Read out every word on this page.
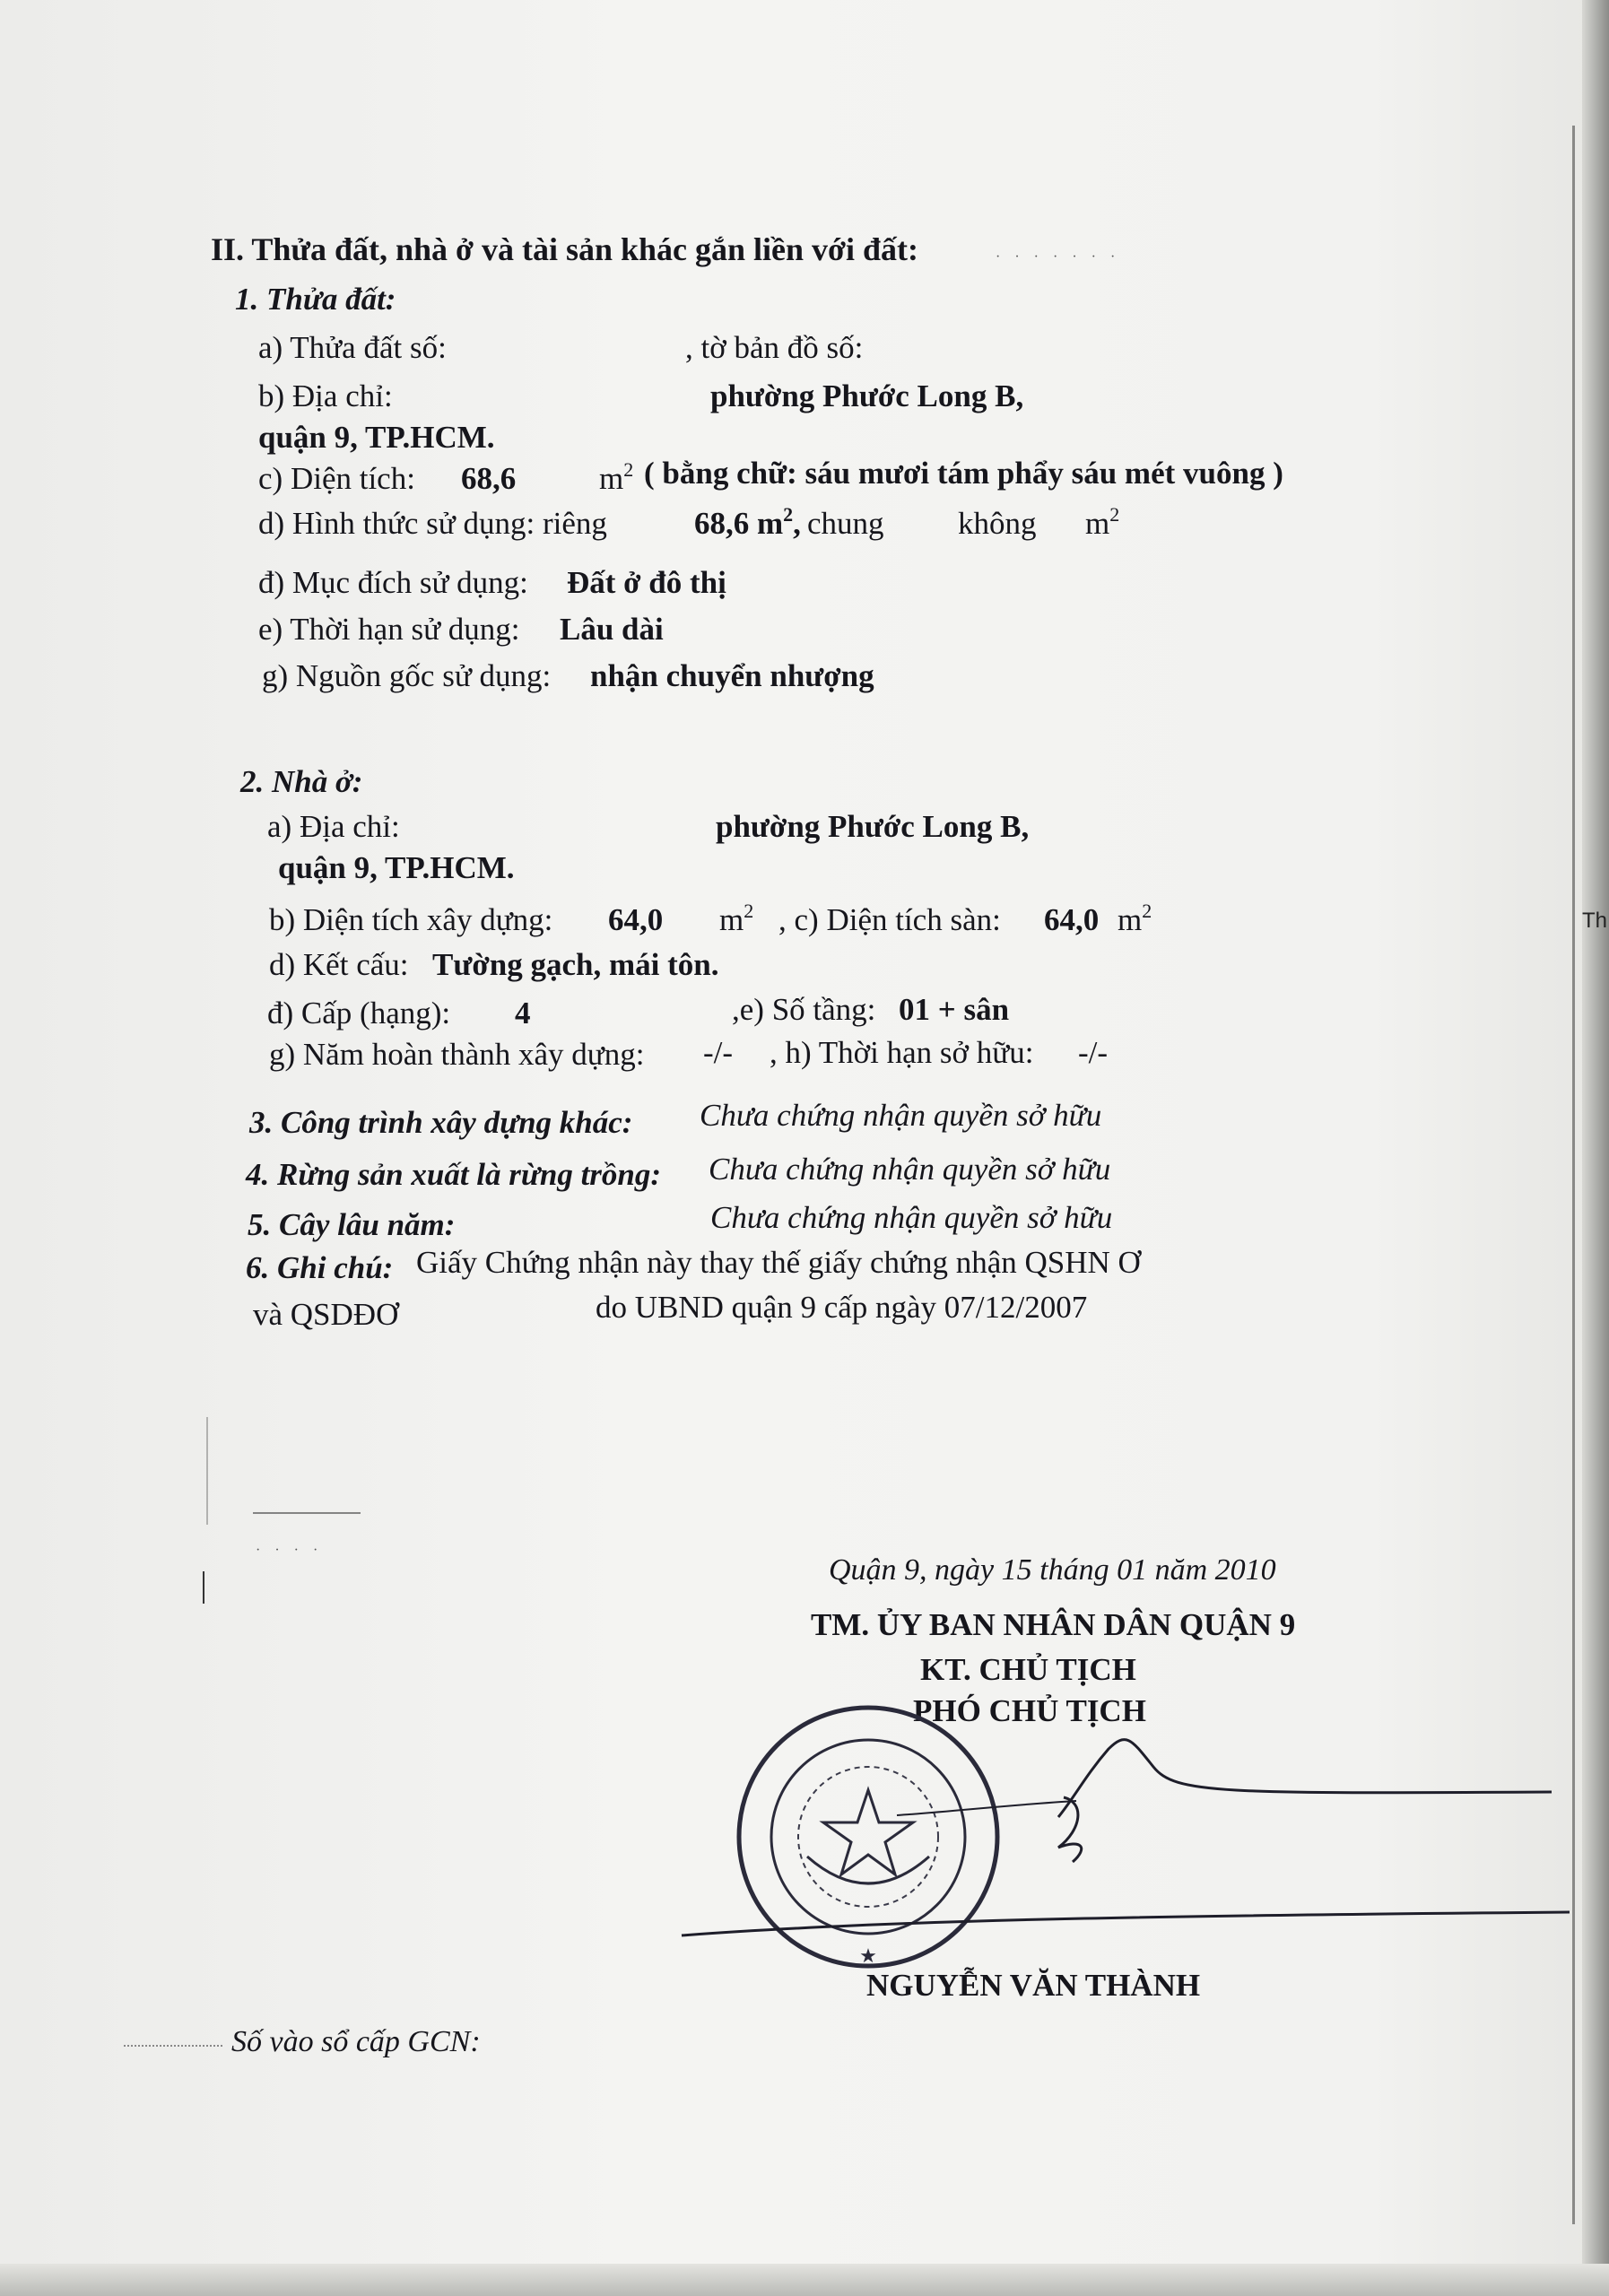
Th
· · · · · · ·
· · · ·
II. Thửa đất, nhà ở và tài sản khác gắn liền với đất:
1. Thửa đất:
a) Thửa đất số:	, tờ bản đồ số:
b) Địa chỉ:	phường Phước Long B,
quận 9, TP.HCM.
c) Diện tích: 68,6	$m^2$ ( bằng chữ: sáu mươi tám phẩy sáu mét vuông )
d) Hình thức sử dụng: riêng	68,6 $m^2$, chung không $m^2$
đ) Mục đích sử dụng: Đất ở đô thị
e) Thời hạn sử dụng: Lâu dài
g) Nguồn gốc sử dụng: nhận chuyển nhượng
2. Nhà ở:
a) Địa chỉ:	phường Phước Long B,
quận 9, TP.HCM.
b) Diện tích xây dựng: 64,0 $m^2$ , c) Diện tích sàn: 64,0 $m^2$
d) Kết cấu: Tường gạch, mái tôn.
đ) Cấp (hạng): 4	,e) Số tầng: 01 + sân
g) Năm hoàn thành xây dựng: -/- , h) Thời hạn sở hữu: -/-
3. Công trình xây dựng khác: Chưa chứng nhận quyền sở hữu
4. Rừng sản xuất là rừng trồng: Chưa chứng nhận quyền sở hữu
5. Cây lâu năm:	Chưa chứng nhận quyền sở hữu
6. Ghi chú: Giấy Chứng nhận này thay thế giấy chứng nhận QSHN Ơ
và QSDĐƠ	do UBND quận 9 cấp ngày 07/12/2007
Quận 9, ngày 15 tháng 01 năm 2010
TM. ỦY BAN NHÂN DÂN QUẬN 9
KT. CHỦ TỊCH
PHÓ CHỦ TỊCH
★
NGUYỄN VĂN THÀNH
Số vào sổ cấp GCN:
